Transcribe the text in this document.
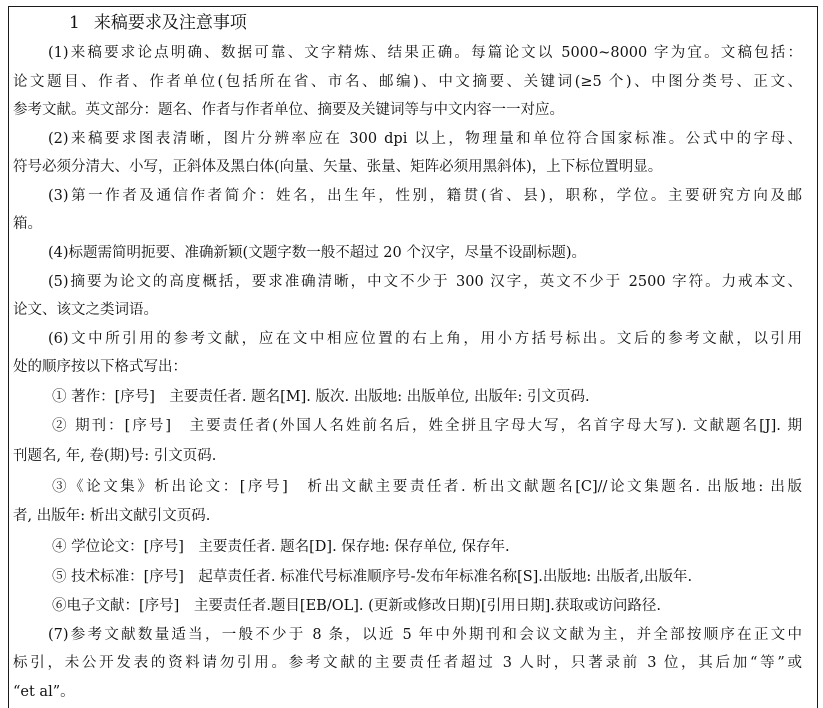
1 来稿要求及注意事项
(1)来稿要求论点明确、数据可靠、文字精炼、结果正确。每篇论文以 5000~8000 字为宜。文稿包括：
论文题目、作者、作者单位(包括所在省、市名、邮编)、中文摘要、关键词(≥5 个)、中图分类号、正文、
参考文献。英文部分：题名、作者与作者单位、摘要及关键词等与中文内容一一对应。
(2)来稿要求图表清晰，图片分辨率应在 300 dpi 以上，物理量和单位符合国家标准。公式中的字母、
符号必须分清大、小写，正斜体及黑白体(向量、矢量、张量、矩阵必须用黑斜体)，上下标位置明显。
(3)第一作者及通信作者简介：姓名，出生年，性别，籍贯(省、县)，职称，学位。主要研究方向及邮
箱。
(4)标题需简明扼要、准确新颖(文题字数一般不超过 20 个汉字，尽量不设副标题)。
(5)摘要为论文的高度概括，要求准确清晰，中文不少于 300 汉字，英文不少于 2500 字符。力戒本文、
论文、该文之类词语。
(6)文中所引用的参考文献，应在文中相应位置的右上角，用小方括号标出。文后的参考文献，以引用
处的顺序按以下格式写出：
① 著作：[序号]　主要责任者. 题名[M]. 版次. 出版地: 出版单位, 出版年: 引文页码.
② 期刊：[序号]　主要责任者(外国人名姓前名后，姓全拼且字母大写，名首字母大写). 文献题名[J]. 期
刊题名, 年, 卷(期)号: 引文页码.
③《论文集》析出论文：[序号]　析出文献主要责任者. 析出文献题名[C]//论文集题名. 出版地: 出版
者, 出版年: 析出文献引文页码.
④ 学位论文：[序号]　主要责任者. 题名[D]. 保存地: 保存单位, 保存年.
⑤ 技术标准：[序号]　起草责任者. 标准代号标准顺序号-发布年标准名称[S].出版地: 出版者,出版年.
⑥电子文献：[序号]　主要责任者.题目[EB/OL]. (更新或修改日期)[引用日期].获取或访问路径.
(7)参考文献数量适当，一般不少于 8 条，以近 5 年中外期刊和会议文献为主，并全部按顺序在正文中
标引，未公开发表的资料请勿引用。参考文献的主要责任者超过 3 人时，只著录前 3 位，其后加“等”或
“et al”。
